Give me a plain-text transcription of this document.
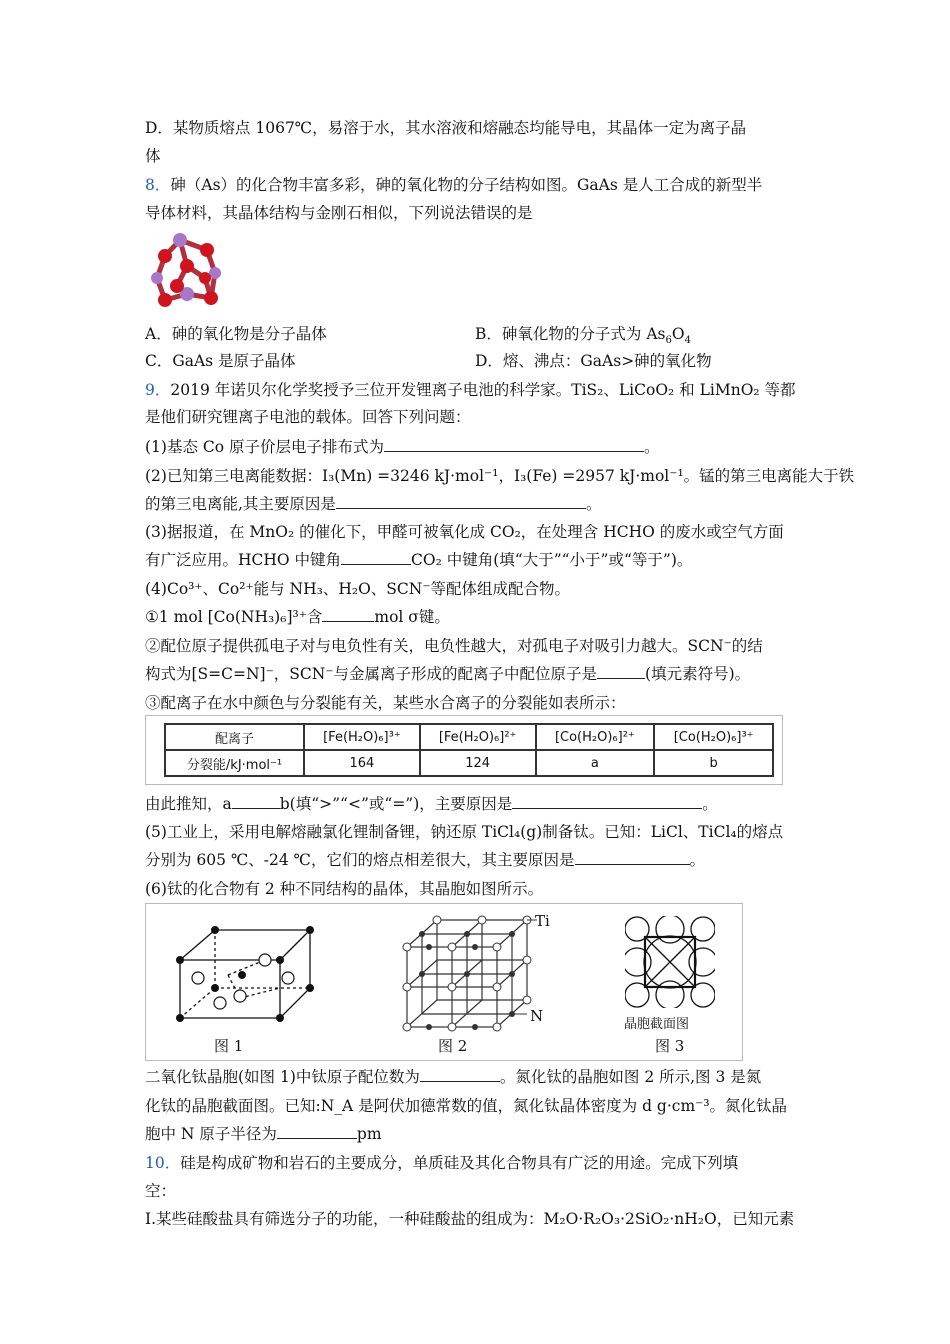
D．某物质熔点 1067℃，易溶于水，其水溶液和熔融态均能导电，其晶体一定为离子晶
体
8．砷（As）的化合物丰富多彩，砷的氧化物的分子结构如图。GaAs 是人工合成的新型半
导体材料，其晶体结构与金刚石相似，下列说法错误的是
A．砷的氧化物是分子晶体	B．砷氧化物的分子式为 $As_6O_4$
C．GaAs 是原子晶体	D．熔、沸点：GaAs>砷的氧化物
9．2019 年诺贝尔化学奖授予三位开发锂离子电池的科学家。TiS₂、LiCoO₂ 和 LiMnO₂ 等都
是他们研究锂离子电池的载体。回答下列问题：
(1)基态 Co 原子价层电子排布式为	。
(2)已知第三电离能数据：I₃(Mn) =3246 kJ·mol⁻¹，I₃(Fe) =2957 kJ·mol⁻¹。锰的第三电离能大于铁
的第三电离能,其主要原因是	。
(3)据报道，在 MnO₂ 的催化下，甲醛可被氧化成 CO₂，在处理含 HCHO 的废水或空气方面
有广泛应用。HCHO 中键角	CO₂ 中键角(填“大于”“小于”或“等于”)。
(4)Co³⁺、Co²⁺能与 NH₃、H₂O、SCN⁻等配体组成配合物。
①1 mol [Co(NH₃)₆]³⁺含	mol σ键。
②配位原子提供孤电子对与电负性有关，电负性越大，对孤电子对吸引力越大。SCN⁻的结
构式为[S=C=N]⁻，SCN⁻与金属离子形成的配离子中配位原子是	(填元素符号)。
③配离子在水中颜色与分裂能有关，某些水合离子的分裂能如表所示：
配离子	[Fe(H₂O)₆]³⁺	[Fe(H₂O)₆]²⁺	[Co(H₂O)₆]²⁺	[Co(H₂O)₆]³⁺
分裂能/kJ·mol⁻¹	164	124	a	b
由此推知，a	b(填“>”“<”或“=”)，主要原因是	。
(5)工业上，采用电解熔融氯化锂制备锂，钠还原 TiCl₄(g)制备钛。已知：LiCl、TiCl₄的熔点
分别为 605 ℃、-24 ℃，它们的熔点相差很大，其主要原因是	。
(6)钛的化合物有 2 种不同结构的晶体，其晶胞如图所示。
图 1
Ti
N
图 2
晶胞截面图
图 3
二氧化钛晶胞(如图 1)中钛原子配位数为	。氮化钛的晶胞如图 2 所示,图 3 是氮
化钛的晶胞截面图。已知:N_A 是阿伏加德常数的值，氮化钛晶体密度为 d g·cm⁻³。氮化钛晶
胞中 N 原子半径为	pm
10．硅是构成矿物和岩石的主要成分，单质硅及其化合物具有广泛的用途。完成下列填
空：
I.某些硅酸盐具有筛选分子的功能，一种硅酸盐的组成为：M₂O·R₂O₃·2SiO₂·nH₂O，已知元素
